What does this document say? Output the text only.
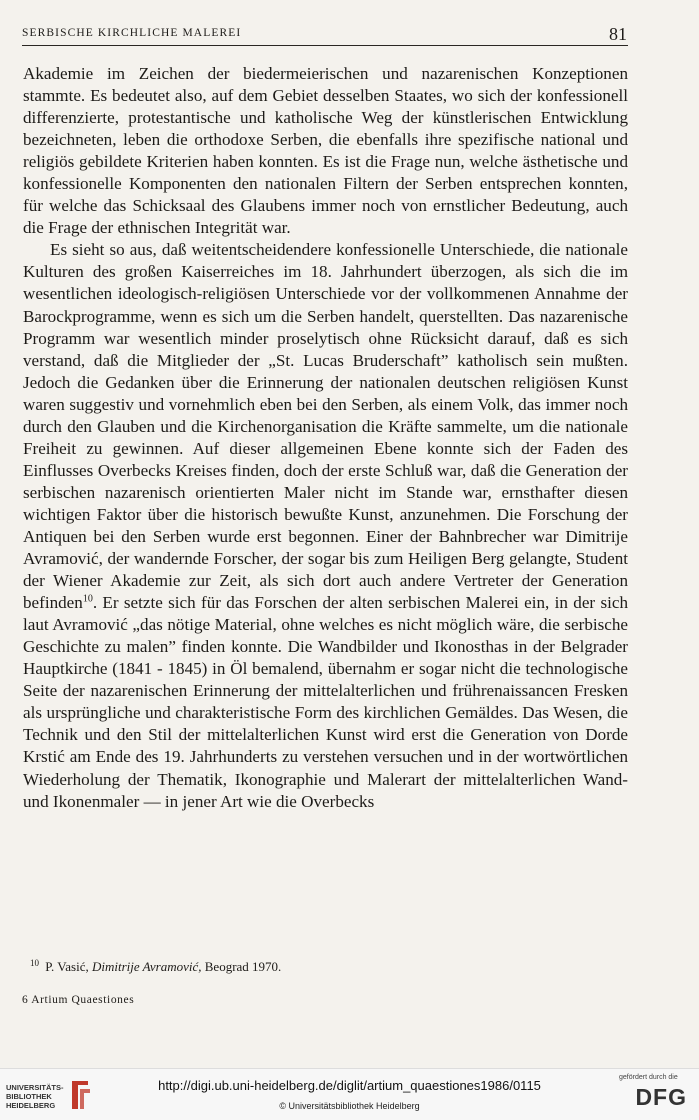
SERBISCHE KIRCHLICHE MALEREI	81

Akademie im Zeichen der biedermeierischen und nazarenischen Konzeptionen stammte. Es bedeutet also, auf dem Gebiet desselben Staates, wo sich der konfessionell differenzierte, protestantische und katholische Weg der künstlerischen Entwicklung bezeichneten, leben die orthodoxe Serben, die ebenfalls ihre spezifische national und religiös gebildete Kriterien haben konnten. Es ist die Frage nun, welche ästhetische und konfessionelle Komponenten den nationalen Filtern der Serben entsprechen konnten, für welche das Schicksaal des Glaubens immer noch von ernstlicher Bedeutung, auch die Frage der ethnischen Integrität war.

Es sieht so aus, daß weitentscheidendere konfessionelle Unterschiede, die nationale Kulturen des großen Kaiserreiches im 18. Jahrhundert überzogen, als sich die im wesentlichen ideologisch-religiösen Unterschiede vor der vollkommenen Annahme der Barockprogramme, wenn es sich um die Serben handelt, querstellten. Das nazarenische Programm war wesentlich minder proselytisch ohne Rücksicht darauf, daß es sich verstand, daß die Mitglieder der „St. Lucas Bruderschaft” katholisch sein mußten. Jedoch die Gedanken über die Erinnerung der nationalen deutschen religiösen Kunst waren suggestiv und vornehmlich eben bei den Serben, als einem Volk, das immer noch durch den Glauben und die Kirchenorganisation die Kräfte sammelte, um die nationale Freiheit zu gewinnen. Auf dieser allgemeinen Ebene konnte sich der Faden des Einflusses Overbecks Kreises finden, doch der erste Schluß war, daß die Generation der serbischen nazarenisch orientierten Maler nicht im Stande war, ernsthafter diesen wichtigen Faktor über die historisch bewußte Kunst, anzunehmen. Die Forschung der Antiquen bei den Serben wurde erst begonnen. Einer der Bahnbrecher war Dimitrije Avramović, der wandernde Forscher, der sogar bis zum Heiligen Berg gelangte, Student der Wiener Akademie zur Zeit, als sich dort auch andere Vertreter der Generation befinden$^{10}$. Er setzte sich für das Forschen der alten serbischen Malerei ein, in der sich laut Avramović „das nötige Material, ohne welches es nicht möglich wäre, die serbische Geschichte zu malen” finden konnte. Die Wandbilder und Ikonosthas in der Belgrader Hauptkirche (1841 - 1845) in Öl bemalend, übernahm er sogar nicht die technologische Seite der nazarenischen Erinnerung der mittelalterlichen und frührenaissancen Fresken als ursprüngliche und charakteristische Form des kirchlichen Gemäldes. Das Wesen, die Technik und den Stil der mittelalterlichen Kunst wird erst die Generation von Dorde Krstić am Ende des 19. Jahrhunderts zu verstehen versuchen und in der wortwörtlichen Wiederholung der Thematik, Ikonographie und Malerart der mittelalterlichen Wand- und Ikonenmaler — in jener Art wie die Overbecks

$^{10}$ P. Vasić, Dimitrije Avramović, Beograd 1970.
6 Artium Quaestiones
UNIVERSITÄTS-BIBLIOTHEK HEIDELBERG
http://digi.ub.uni-heidelberg.de/diglit/artium_quaestiones1986/0115
© Universitätsbibliothek Heidelberg
gefördert durch die
DFG
